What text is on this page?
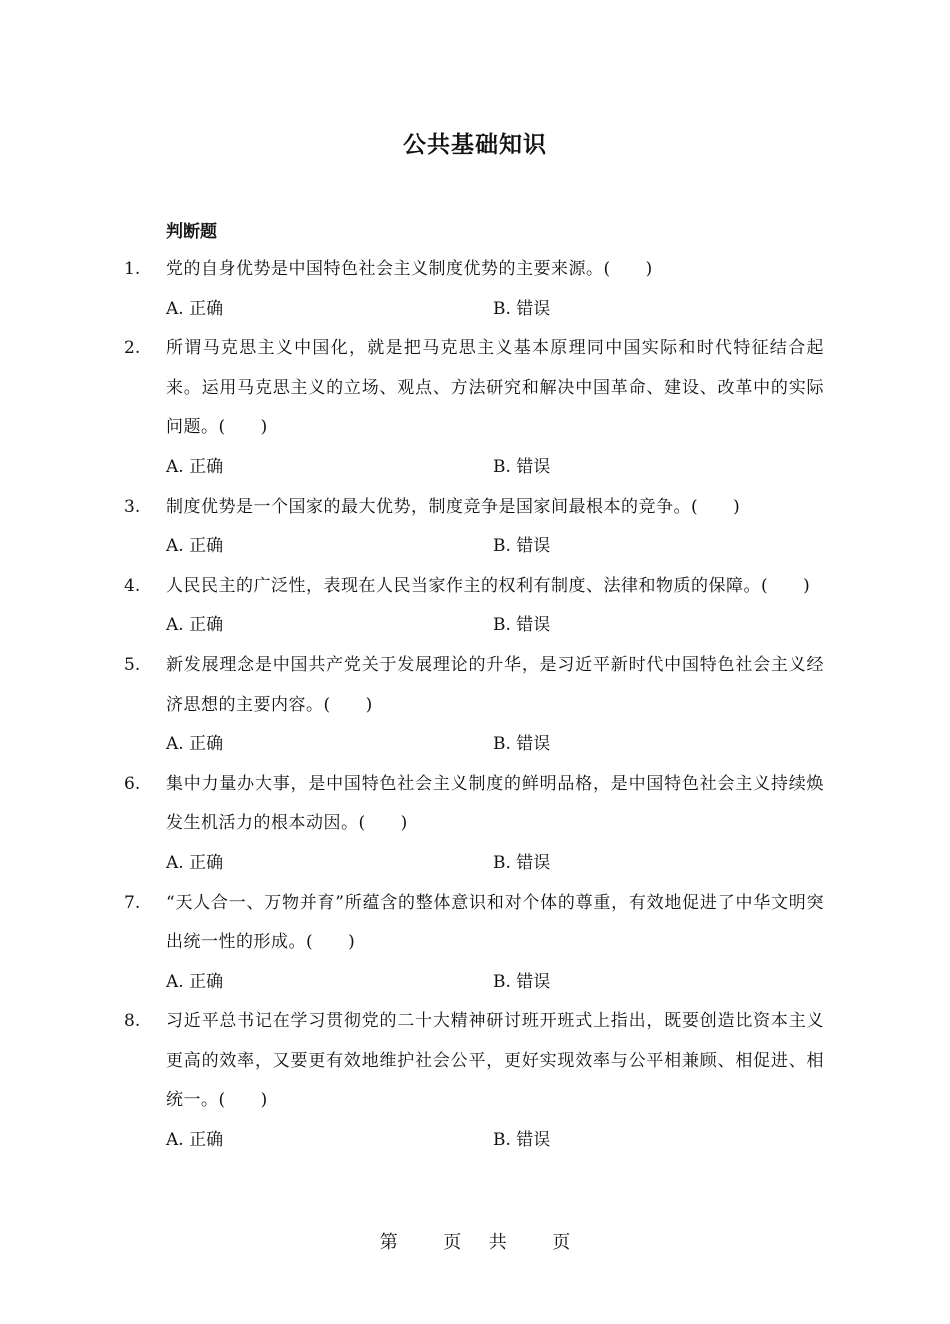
公共基础知识
判断题
1. 党的自身优势是中国特色社会主义制度优势的主要来源。(　　)
A. 正确	B. 错误
2. 所谓马克思主义中国化，就是把马克思主义基本原理同中国实际和时代特征结合起来。运用马克思主义的立场、观点、方法研究和解决中国革命、建设、改革中的实际问题。(　　)
A. 正确	B. 错误
3. 制度优势是一个国家的最大优势，制度竞争是国家间最根本的竞争。(　　)
A. 正确	B. 错误
4. 人民民主的广泛性，表现在人民当家作主的权利有制度、法律和物质的保障。(　　)
A. 正确	B. 错误
5. 新发展理念是中国共产党关于发展理论的升华，是习近平新时代中国特色社会主义经济思想的主要内容。(　　)
A. 正确	B. 错误
6. 集中力量办大事，是中国特色社会主义制度的鲜明品格，是中国特色社会主义持续焕发生机活力的根本动因。(　　)
A. 正确	B. 错误
7. “天人合一、万物并育”所蕴含的整体意识和对个体的尊重，有效地促进了中华文明突出统一性的形成。(　　)
A. 正确	B. 错误
8. 习近平总书记在学习贯彻党的二十大精神研讨班开班式上指出，既要创造比资本主义更高的效率，又要更有效地维护社会公平，更好实现效率与公平相兼顾、相促进、相统一。(　　)
A. 正确	B. 错误
第	页 共	页
